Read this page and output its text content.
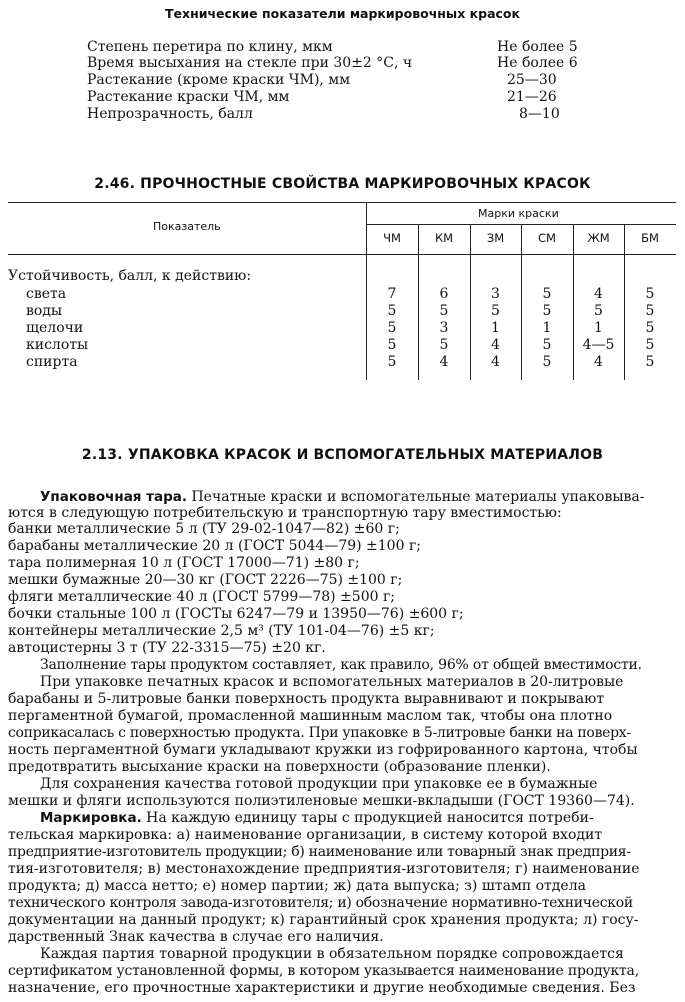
Технические показатели маркировочных красок
Степень перетира по клину, мкм	Не более 5
Время высыхания на стекле при 30±2 °С, ч	Не более 6
Растекание (кроме краски ЧМ), мм	25—30
Растекание краски ЧМ, мм	21—26
Непрозрачность, балл	8—10
2.46. ПРОЧНОСТНЫЕ СВОЙСТВА МАРКИРОВОЧНЫХ КРАСОК
Показатель
Марки краски
ЧМ	КМ	ЗМ	СМ	ЖМ	БМ
Устойчивость, балл, к действию:
света	7	6	3	5	4	5
воды	5	5	5	5	5	5
щелочи	5	3	1	1	1	5
кислоты	5	5	4	5	4—5	5
спирта	5	4	4	5	4	5
2.13. УПАКОВКА КРАСОК И ВСПОМОГАТЕЛЬНЫХ МАТЕРИАЛОВ
Упаковочная тара. Печатные краски и вспомогательные материалы упаковыва-
ются в следующую потребительскую и транспортную тару вместимостью:
банки металлические 5 л (ТУ 29-02-1047—82) ±60 г;
барабаны металлические 20 л (ГОСТ 5044—79) ±100 г;
тара полимерная 10 л (ГОСТ 17000—71) ±80 г;
мешки бумажные 20—30 кг (ГОСТ 2226—75) ±100 г;
фляги металлические 40 л (ГОСТ 5799—78) ±500 г;
бочки стальные 100 л (ГОСТы 6247—79 и 13950—76) ±600 г;
контейнеры металлические 2,5 м³ (ТУ 101-04—76) ±5 кг;
автоцистерны 3 т (ТУ 22-3315—75) ±20 кг.
Заполнение тары продуктом составляет, как правило, 96% от общей вместимости.
При упаковке печатных красок и вспомогательных материалов в 20-литровые
барабаны и 5-литровые банки поверхность продукта выравнивают и покрывают
пергаментной бумагой, промасленной машинным маслом так, чтобы она плотно
соприкасалась с поверхностью продукта. При упаковке в 5-литровые банки на поверх-
ность пергаментной бумаги укладывают кружки из гофрированного картона, чтобы
предотвратить высыхание краски на поверхности (образование пленки).
Для сохранения качества готовой продукции при упаковке ее в бумажные
мешки и фляги используются полиэтиленовые мешки-вкладыши (ГОСТ 19360—74).
Маркировка. На каждую единицу тары с продукцией наносится потреби-
тельская маркировка: а) наименование организации, в систему которой входит
предприятие-изготовитель продукции; б) наименование или товарный знак предприя-
тия-изготовителя; в) местонахождение предприятия-изготовителя; г) наименование
продукта; д) масса нетто; е) номер партии; ж) дата выпуска; з) штамп отдела
технического контроля завода-изготовителя; и) обозначение нормативно-технической
документации на данный продукт; к) гарантийный срок хранения продукта; л) госу-
дарственный Знак качества в случае его наличия.
Каждая партия товарной продукции в обязательном порядке сопровождается
сертификатом установленной формы, в котором указывается наименование продукта,
назначение, его прочностные характеристики и другие необходимые сведения. Без
